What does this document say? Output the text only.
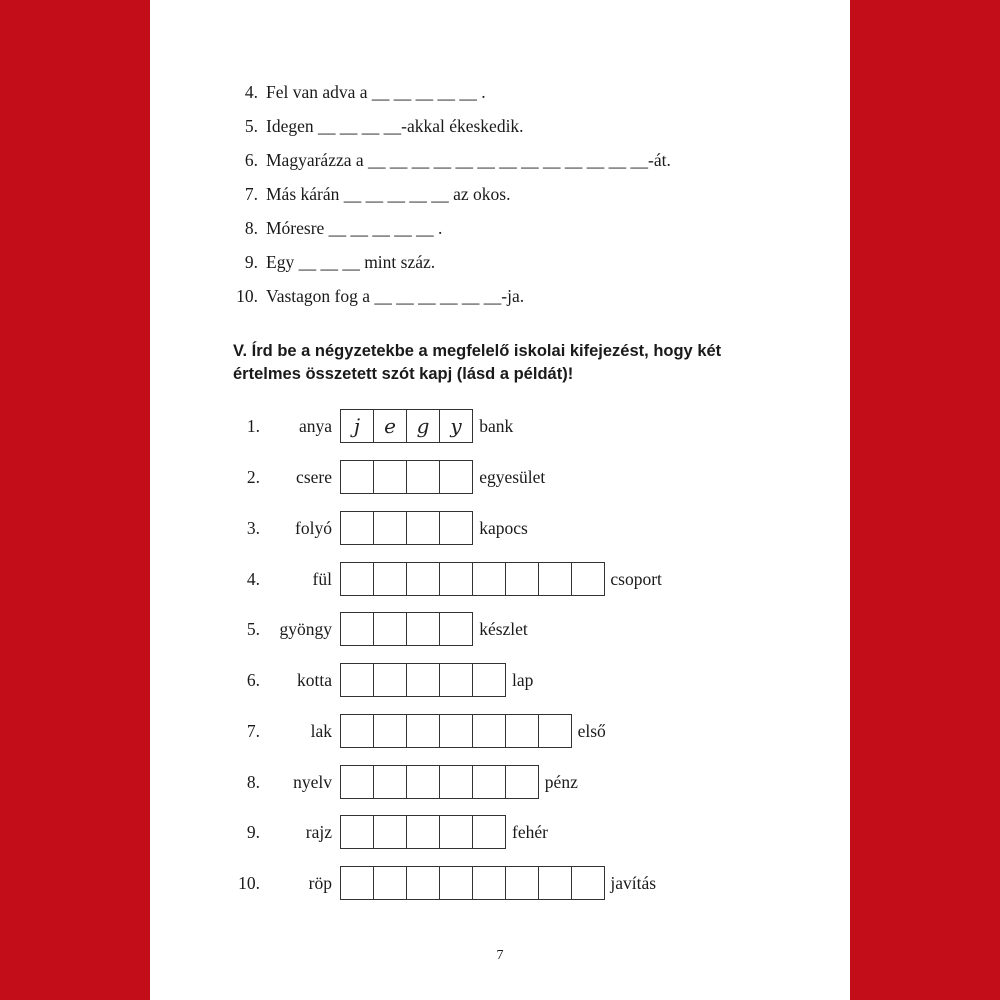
4. Fel van adva a __ __ __ __ __ .
5. Idegen __ __ __ __-akkal ékeskedik.
6. Magyarázza a __ __ __ __ __ __ __ __ __ __ __ __ __-át.
7. Más kárán __ __ __ __ __ az okos.
8. Móresre __ __ __ __ __ .
9. Egy __ __ __ mint száz.
10. Vastagon fog a __ __ __ __ __ __-ja.
V. Írd be a négyzetekbe a megfelelő iskolai kifejezést, hogy két
értelmes összetett szót kapj (lásd a példát)!
1.	anya	j	e	g	y	bank
2.	csere	egyesület
3.	folyó	kapocs
4.	fül	csoport
5.	gyöngy	készlet
6.	kotta	lap
7.	lak	első
8.	nyelv	pénz
9.	rajz	fehér
10.	röp	javítás
7
